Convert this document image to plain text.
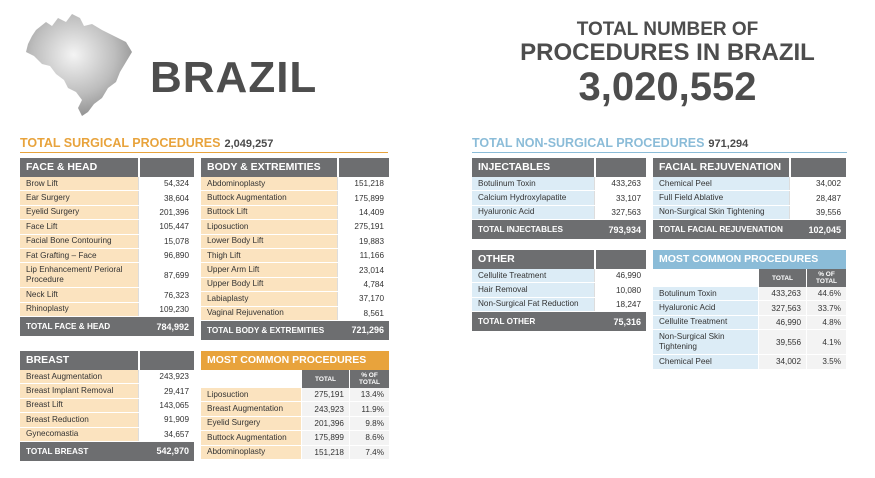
BRAZIL
TOTAL NUMBER OF
PROCEDURES IN BRAZIL
3,020,552
TOTAL SURGICAL PROCEDURES 2,049,257	TOTAL NON-SURGICAL PROCEDURES 971,294
FACE & HEAD
Brow Lift	54,324
Ear Surgery	38,604
Eyelid Surgery	201,396
Face Lift	105,447
Facial Bone Contouring	15,078
Fat Grafting – Face	96,890
Lip Enhancement/ Perioral Procedure	87,699
Neck Lift	76,323
Rhinoplasty	109,230
TOTAL FACE & HEAD	784,992
BODY & EXTREMITIES
Abdominoplasty	151,218
Buttock Augmentation	175,899
Buttock Lift	14,409
Liposuction	275,191
Lower Body Lift	19,883
Thigh Lift	11,166
Upper Arm Lift	23,014
Upper Body Lift	4,784
Labiaplasty	37,170
Vaginal Rejuvenation	8,561
TOTAL BODY & EXTREMITIES	721,296
BREAST
Breast Augmentation	243,923
Breast Implant Removal	29,417
Breast Lift	143,065
Breast Reduction	91,909
Gynecomastia	34,657
TOTAL BREAST	542,970
MOST COMMON PROCEDURES
TOTAL	% OF TOTAL
Liposuction	275,191	13.4%
Breast Augmentation	243,923	11.9%
Eyelid Surgery	201,396	9.8%
Buttock Augmentation	175,899	8.6%
Abdominoplasty	151,218	7.4%
INJECTABLES
Botulinum Toxin	433,263
Calcium Hydroxylapatite	33,107
Hyaluronic Acid	327,563
TOTAL INJECTABLES	793,934
FACIAL REJUVENATION
Chemical Peel	34,002
Full Field Ablative	28,487
Non-Surgical Skin Tightening	39,556
TOTAL FACIAL REJUVENATION	102,045
OTHER
Cellulite Treatment	46,990
Hair Removal	10,080
Non-Surgical Fat Reduction	18,247
TOTAL OTHER	75,316
MOST COMMON PROCEDURES
TOTAL	% OF TOTAL
Botulinum Toxin	433,263	44.6%
Hyaluronic Acid	327,563	33.7%
Cellulite Treatment	46,990	4.8%
Non-Surgical Skin Tightening	39,556	4.1%
Chemical Peel	34,002	3.5%
